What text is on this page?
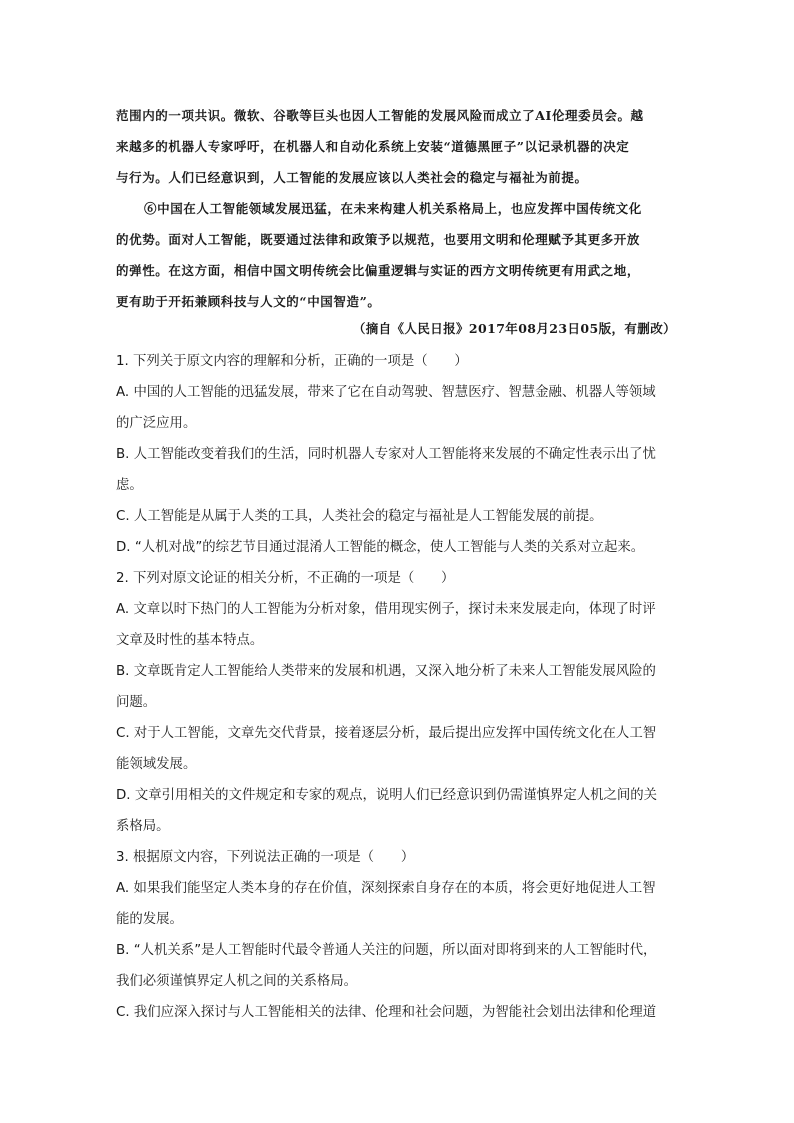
范围内的一项共识。微软、谷歌等巨头也因人工智能的发展风险而成立了AI伦理委员会。越

来越多的机器人专家呼吁，在机器人和自动化系统上安装“道德黑匣子”以记录机器的决定

与行为。人们已经意识到，人工智能的发展应该以人类社会的稳定与福祉为前提。

⑥中国在人工智能领域发展迅猛，在未来构建人机关系格局上，也应发挥中国传统文化

的优势。面对人工智能，既要通过法律和政策予以规范，也要用文明和伦理赋予其更多开放

的弹性。在这方面，相信中国文明传统会比偏重逻辑与实证的西方文明传统更有用武之地，

更有助于开拓兼顾科技与人文的“中国智造”。

（摘自《人民日报》2017年08月23日05版，有删改）

1. 下列关于原文内容的理解和分析，正确的一项是（　　）

A. 中国的人工智能的迅猛发展，带来了它在自动驾驶、智慧医疗、智慧金融、机器人等领域

的广泛应用。

B. 人工智能改变着我们的生活，同时机器人专家对人工智能将来发展的不确定性表示出了忧

虑。

C. 人工智能是从属于人类的工具，人类社会的稳定与福祉是人工智能发展的前提。

D. “人机对战”的综艺节目通过混淆人工智能的概念，使人工智能与人类的关系对立起来。

2. 下列对原文论证的相关分析，不正确的一项是（　　）

A. 文章以时下热门的人工智能为分析对象，借用现实例子，探讨未来发展走向，体现了时评

文章及时性的基本特点。

B. 文章既肯定人工智能给人类带来的发展和机遇，又深入地分析了未来人工智能发展风险的

问题。

C. 对于人工智能，文章先交代背景，接着逐层分析，最后提出应发挥中国传统文化在人工智

能领域发展。

D. 文章引用相关的文件规定和专家的观点，说明人们已经意识到仍需谨慎界定人机之间的关

系格局。

3. 根据原文内容，下列说法正确的一项是（　　）

A. 如果我们能坚定人类本身的存在价值，深刻探索自身存在的本质，将会更好地促进人工智

能的发展。

B. “人机关系”是人工智能时代最令普通人关注的问题，所以面对即将到来的人工智能时代，

我们必须谨慎界定人机之间的关系格局。

C. 我们应深入探讨与人工智能相关的法律、伦理和社会问题，为智能社会划出法律和伦理道
